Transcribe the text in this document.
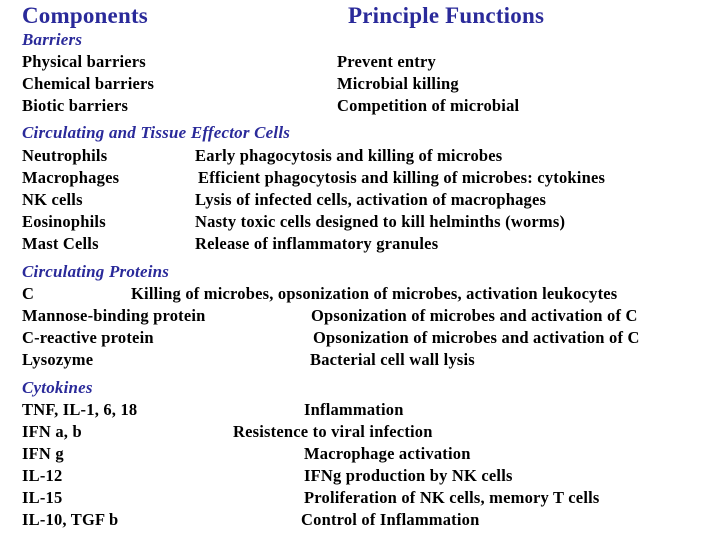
Components	Principle Functions
Barriers
Physical barriers	Prevent entry
Chemical barriers	Microbial killing
Biotic barriers	Competition of microbial
Circulating and Tissue Effector Cells
Neutrophils	Early phagocytosis and killing of microbes
Macrophages	Efficient phagocytosis and killing of microbes: cytokines
NK cells	Lysis of infected cells, activation of macrophages
Eosinophils	Nasty toxic cells designed to kill helminths (worms)
Mast Cells	Release of inflammatory granules
Circulating Proteins
C	Killing of microbes, opsonization of microbes, activation leukocytes
Mannose-binding protein	Opsonization of microbes and activation of C
C-reactive protein	Opsonization of microbes and activation of C
Lysozyme	Bacterial cell wall lysis
Cytokines
TNF, IL-1, 6, 18	Inflammation
IFN a, b	Resistence to viral infection
IFN g	Macrophage activation
IL-12	IFNg production by NK cells
IL-15	Proliferation of NK cells, memory T cells
IL-10, TGF b	Control of Inflammation
